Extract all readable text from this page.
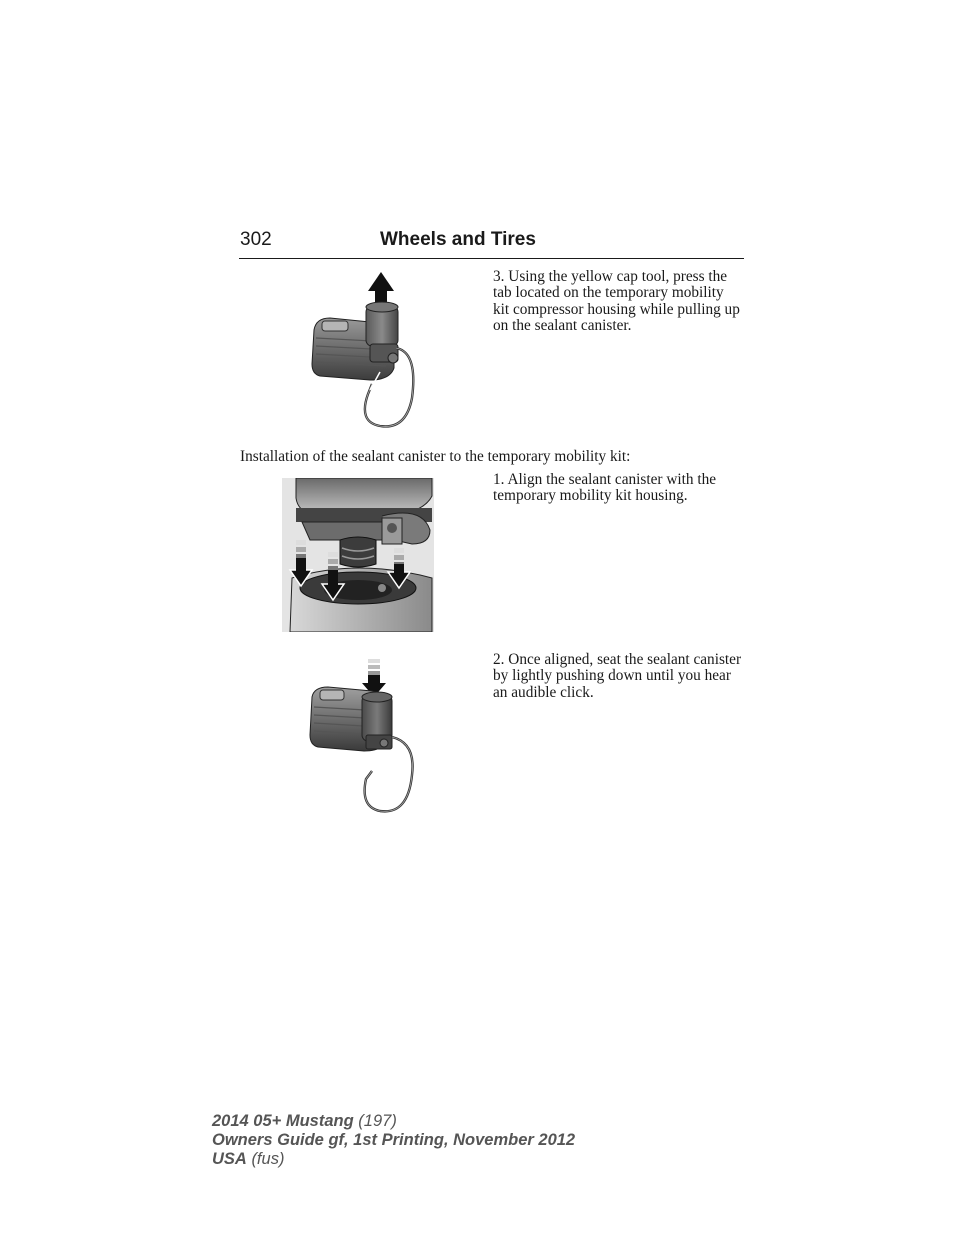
302	Wheels and Tires
3. Using the yellow cap tool, press the tab located on the temporary mobility kit compressor housing while pulling up on the sealant canister.
Installation of the sealant canister to the temporary mobility kit:
1. Align the sealant canister with the temporary mobility kit housing.
2. Once aligned, seat the sealant canister by lightly pushing down until you hear an audible click.
2014 05+ Mustang (197)
Owners Guide gf, 1st Printing, November 2012
USA (fus)
